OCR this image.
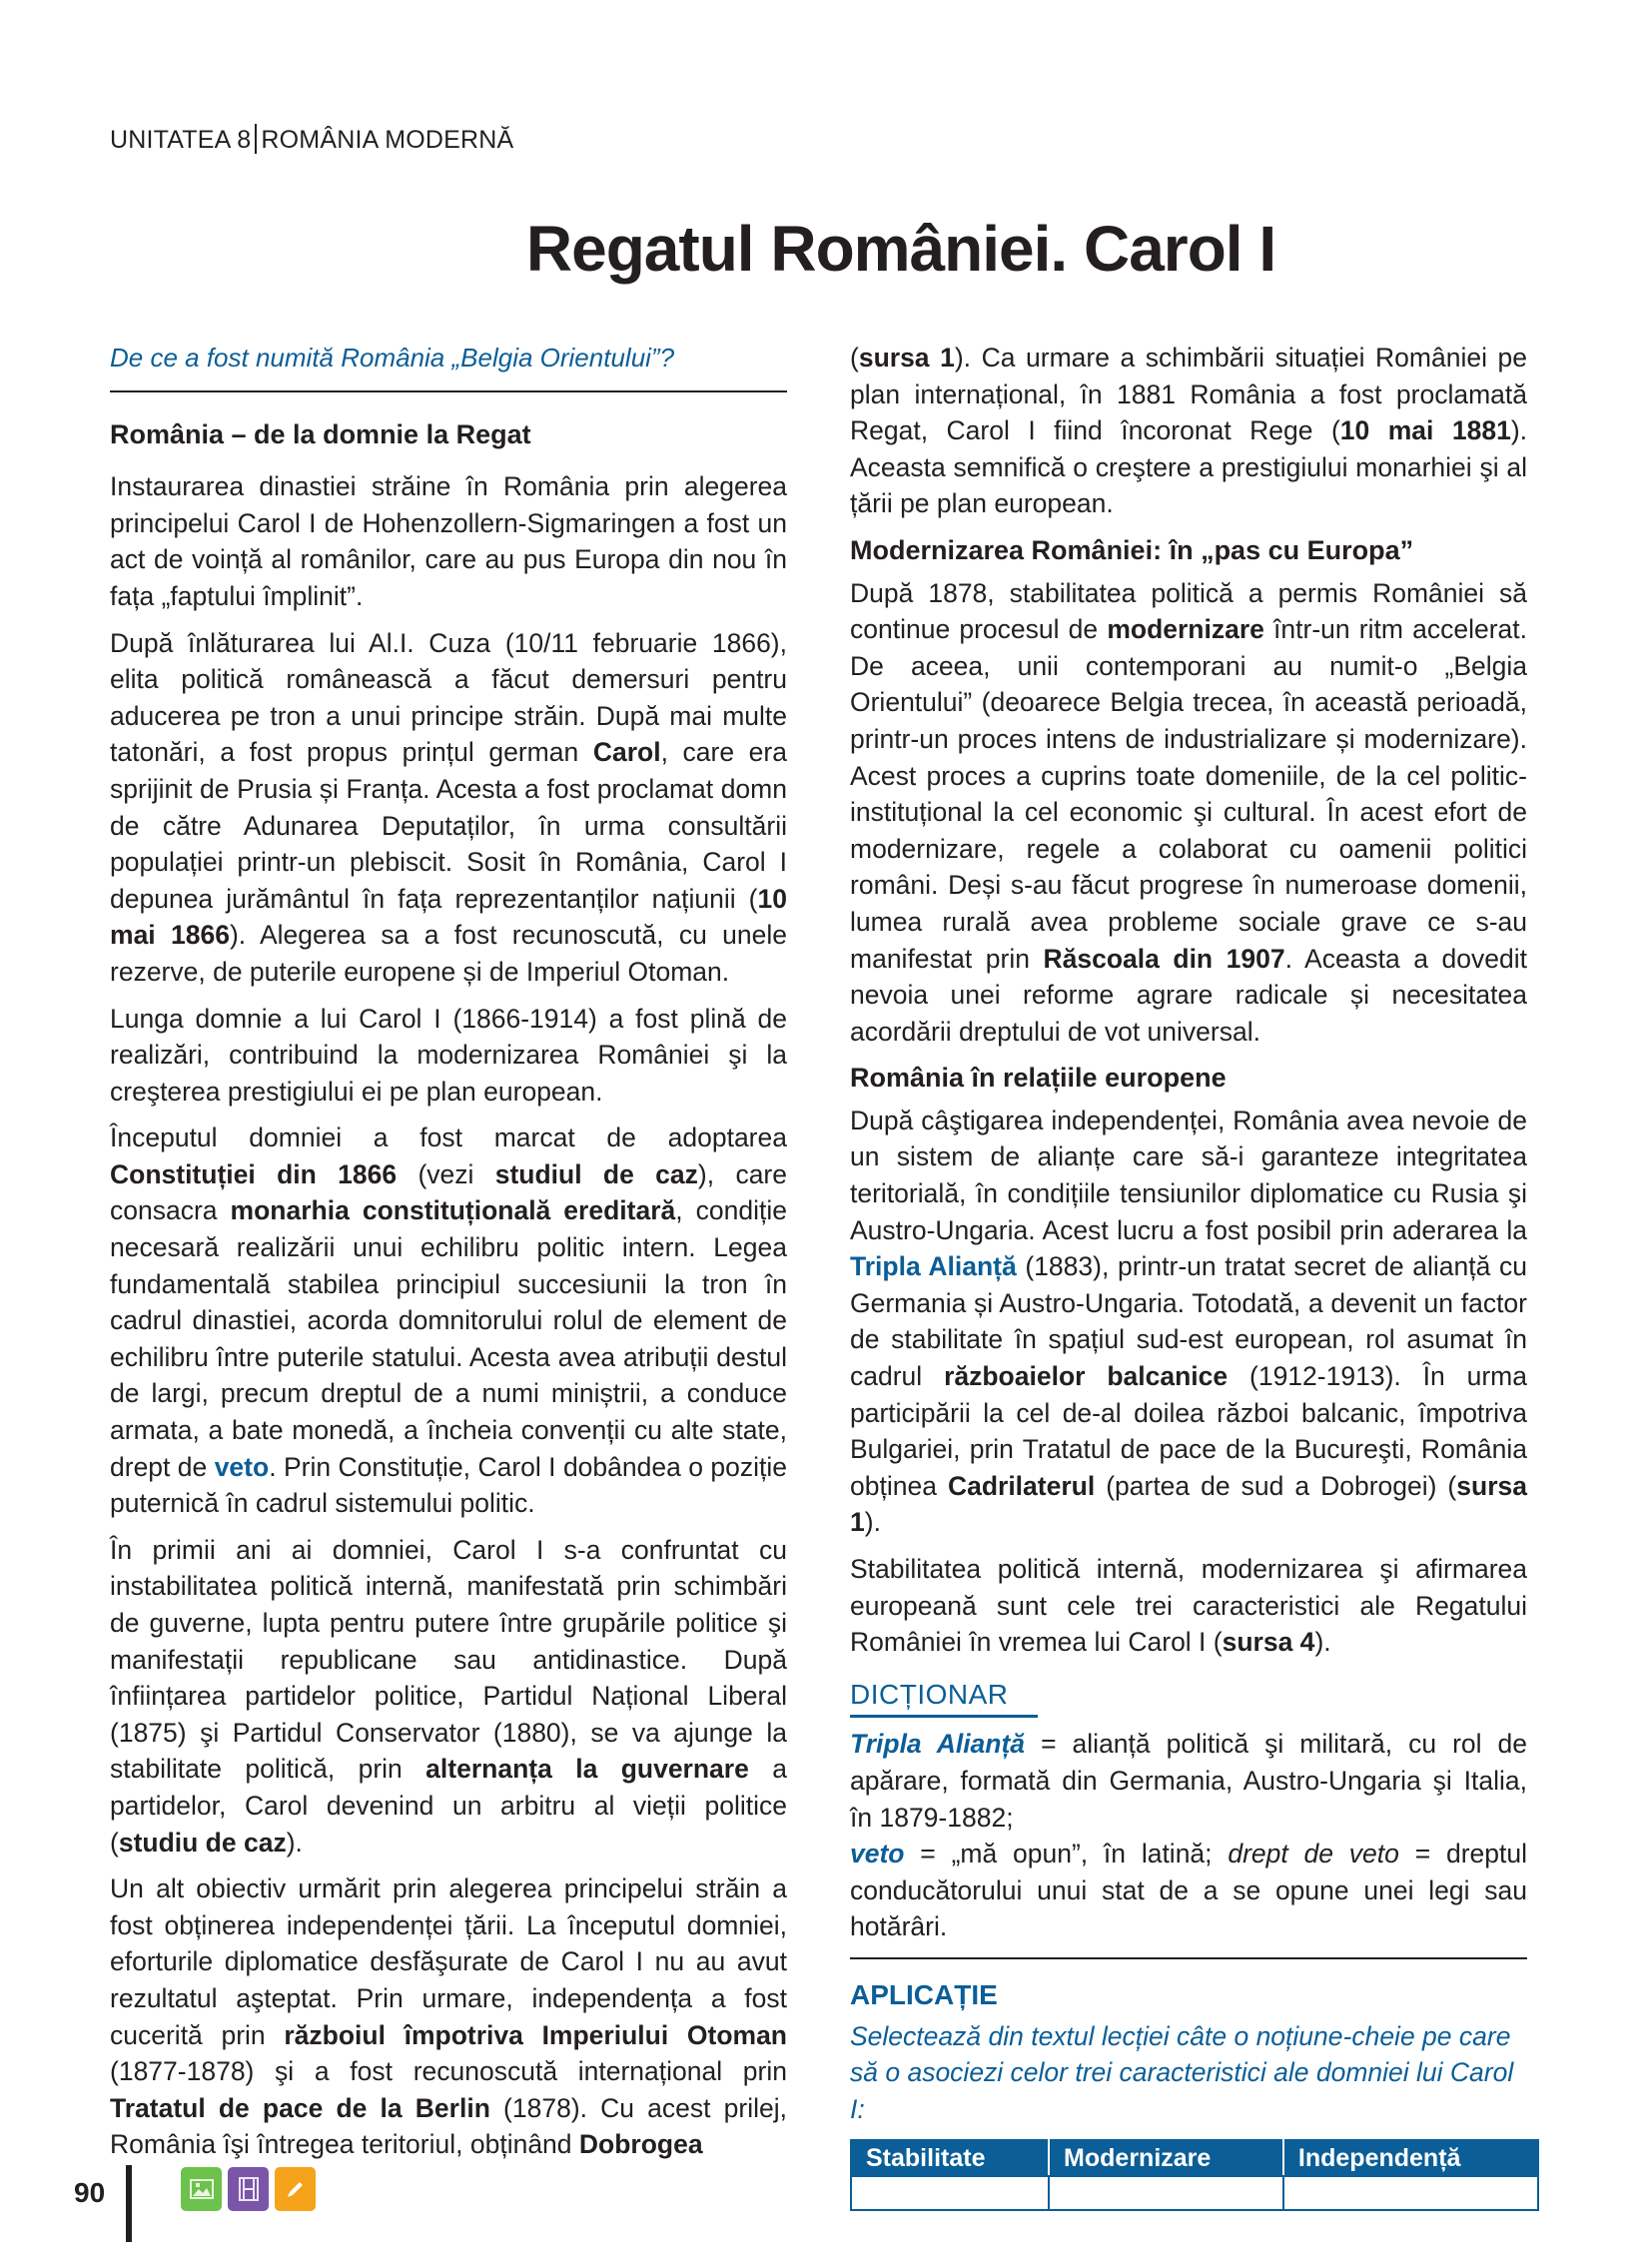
UNITATEA 8 ROMÂNIA MODERNĂ
Regatul României. Carol I
De ce a fost numită România „Belgia Orientului”?
România – de la domnie la Regat

Instaurarea dinastiei străine în România prin alegerea principelui Carol I de Hohenzollern-Sigmaringen a fost un act de voință al românilor, care au pus Europa din nou în fața „faptului împlinit”.

După înlăturarea lui Al.I. Cuza (10/11 februarie 1866), elita politică românească a făcut demersuri pentru aducerea pe tron a unui principe străin. După mai multe tatonări, a fost propus prințul german Carol, care era sprijinit de Prusia și Franța. Acesta a fost proclamat domn de către Adunarea Deputaților, în urma consultării populației printr-un plebiscit. Sosit în România, Carol I depunea jurământul în fața reprezentanților națiunii (10 mai 1866). Alegerea sa a fost recunoscută, cu unele rezerve, de puterile europene și de Imperiul Otoman.

Lunga domnie a lui Carol I (1866-1914) a fost plină de realizări, contribuind la modernizarea României şi la creşterea prestigiului ei pe plan european.

Începutul domniei a fost marcat de adoptarea Constituției din 1866 (vezi studiul de caz), care consacra monarhia constituțională ereditară, condiție necesară realizării unui echilibru politic intern. Legea fundamentală stabilea principiul succesiunii la tron în cadrul dinastiei, acorda domnitorului rolul de element de echilibru între puterile statului. Acesta avea atribuții destul de largi, precum dreptul de a numi miniștrii, a conduce armata, a bate monedă, a încheia convenții cu alte state, drept de veto. Prin Constituție, Carol I dobândea o poziție puternică în cadrul sistemului politic.

În primii ani ai domniei, Carol I s-a confruntat cu instabilitatea politică internă, manifestată prin schimbări de guverne, lupta pentru putere între grupările politice şi manifestații republicane sau antidinastice. După înființarea partidelor politice, Partidul Național Liberal (1875) şi Partidul Conservator (1880), se va ajunge la stabilitate politică, prin alternanța la guvernare a partidelor, Carol devenind un arbitru al vieții politice (studiu de caz).

Un alt obiectiv urmărit prin alegerea principelui străin a fost obținerea independenței țării. La începutul domniei, eforturile diplomatice desfăşurate de Carol I nu au avut rezultatul aşteptat. Prin urmare, independența a fost cucerită prin războiul împotriva Imperiului Otoman (1877-1878) şi a fost recunoscută internațional prin Tratatul de pace de la Berlin (1878). Cu acest prilej, România îşi întregea teritoriul, obținând Dobrogea

(sursa 1). Ca urmare a schimbării situației României pe plan internațional, în 1881 România a fost proclamată Regat, Carol I fiind încoronat Rege (10 mai 1881). Aceasta semnifică o creştere a prestigiului monarhiei şi al țării pe plan european.

Modernizarea României: în „pas cu Europa”

După 1878, stabilitatea politică a permis României să continue procesul de modernizare într-un ritm accelerat. De aceea, unii contemporani au numit-o „Belgia Orientului” (deoarece Belgia trecea, în această perioadă, printr-un proces intens de industrializare și modernizare). Acest proces a cuprins toate domeniile, de la cel politic-instituțional la cel economic şi cultural. În acest efort de modernizare, regele a colaborat cu oamenii politici români. Deși s-au făcut progrese în numeroase domenii, lumea rurală avea probleme sociale grave ce s-au manifestat prin Răscoala din 1907. Aceasta a dovedit nevoia unei reforme agrare radicale și necesitatea acordării dreptului de vot universal.

România în relațiile europene

După câştigarea independenței, România avea nevoie de un sistem de alianțe care să-i garanteze integritatea teritorială, în condițiile tensiunilor diplomatice cu Rusia şi Austro-Ungaria. Acest lucru a fost posibil prin aderarea la Tripla Alianță (1883), printr-un tratat secret de alianță cu Germania și Austro-Ungaria. Totodată, a devenit un factor de stabilitate în spațiul sud-est european, rol asumat în cadrul războaielor balcanice (1912-1913). În urma participării la cel de-al doilea război balcanic, împotriva Bulgariei, prin Tratatul de pace de la Bucureşti, România obținea Cadrilaterul (partea de sud a Dobrogei) (sursa 1).

Stabilitatea politică internă, modernizarea şi afirmarea europeană sunt cele trei caracteristici ale Regatului României în vremea lui Carol I (sursa 4).

DICȚIONAR

Tripla Alianță = alianță politică şi militară, cu rol de apărare, formată din Germania, Austro-Ungaria şi Italia, în 1879-1882;

veto = „mă opun”, în latină; drept de veto = dreptul conducătorului unui stat de a se opune unei legi sau hotărâri.

APLICAȚIE
Selectează din textul lecției câte o noțiune-cheie pe care să o asociezi celor trei caracteristici ale domniei lui Carol I:
Stabilitate	Modernizare	Independență

90
